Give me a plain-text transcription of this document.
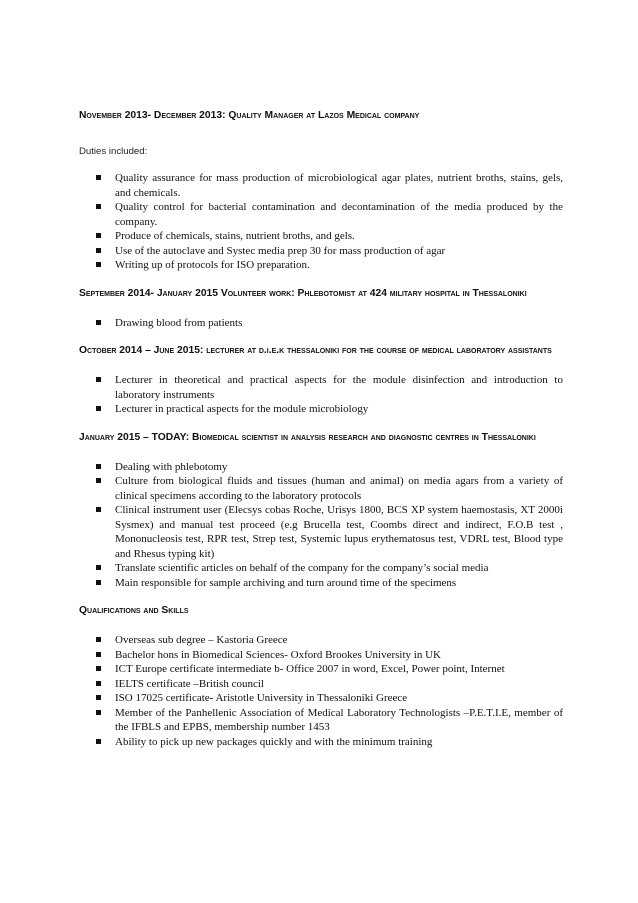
November 2013- December 2013: Quality Manager at Lazos Medical company

Duties included:

Quality assurance for mass production of microbiological agar plates, nutrient broths, stains, gels, and chemicals.
Quality control for bacterial contamination and decontamination of the media produced by the company.
Produce of chemicals, stains, nutrient broths, and gels.
Use of the autoclave and Systec media prep 30 for mass production of agar
Writing up of protocols for ISO preparation.

September 2014- January 2015 Volunteer work: Phlebotomist at 424 military hospital in Thessaloniki

Drawing blood from patients

October 2014 – June 2015: lecturer at d.i.e.k thessaloniki for the course of medical laboratory assistants

Lecturer in theoretical and practical aspects for the module disinfection and introduction to laboratory instruments
Lecturer in practical aspects for the module microbiology

January 2015 – TODAY: Biomedical scientist in analysis research and diagnostic centres in Thessaloniki

Dealing with phlebotomy
Culture from biological fluids and tissues (human and animal) on media agars from a variety of clinical specimens according to the laboratory protocols
Clinical instrument user (Elecsys cobas Roche, Urisys 1800, BCS XP system haemostasis, XT 2000i Sysmex) and manual test proceed (e.g Brucella test, Coombs direct and indirect, F.O.B test , Mononucleosis test, RPR test, Strep test, Systemic lupus erythematosus test, VDRL test, Blood type and Rhesus typing kit)
Translate scientific articles on behalf of the company for the company’s social media
Main responsible for sample archiving and turn around time of the specimens

Qualifications and Skills

Overseas sub degree – Kastoria Greece
Bachelor hons in Biomedical Sciences- Oxford Brookes University in UK
ICT Europe certificate intermediate b- Office 2007 in word, Excel, Power point, Internet
IELTS certificate –British council
ISO 17025 certificate- Aristotle University in Thessaloniki Greece
Member of the Panhellenic Association of Medical Laboratory Technologists –P.E.T.I.E, member of the IFBLS and EPBS, membership number 1453
Ability to pick up new packages quickly and with the minimum training
